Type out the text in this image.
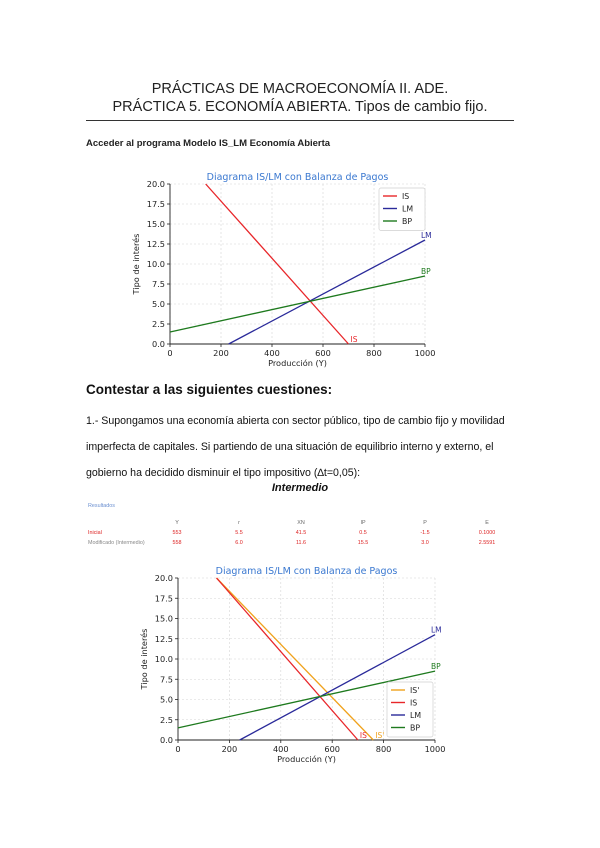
PRÁCTICAS DE MACROECONOMÍA II. ADE.
PRÁCTICA 5. ECONOMÍA ABIERTA. Tipos de cambio fijo.
Acceder al programa Modelo IS_LM Economía Abierta
Diagrama IS/LM con Balanza de Pagos
0	200	400	600	800	1000
0.0
2.5
5.0
7.5
10.0
12.5
15.0
17.5
20.0
Producción (Y)
Tipo de interés
IS
LM
BP
IS
LM
BP
Contestar a las siguientes cuestiones:
1.- Supongamos una economía abierta con sector público, tipo de cambio fijo y movilidad imperfecta de capitales. Si partiendo de una situación de equilibrio interno y externo, el gobierno ha decidido disminuir el tipo impositivo (∆t=0,05):
Intermedio
Resultados
	Y	r	XN	IP	P	E
Inicial	553	5.5	41.5	0.5	-1.5	0.1000
Modificado (Intermedio)	558	6.0	11.6	15.5	3.0	2.5591
Diagrama IS/LM con Balanza de Pagos
0	200	400	600	800	1000
0.0
2.5
5.0
7.5
10.0
12.5
15.0
17.5
20.0
Producción (Y)
Tipo de interés
IS'
IS
LM
BP
IS'
IS
LM
BP
